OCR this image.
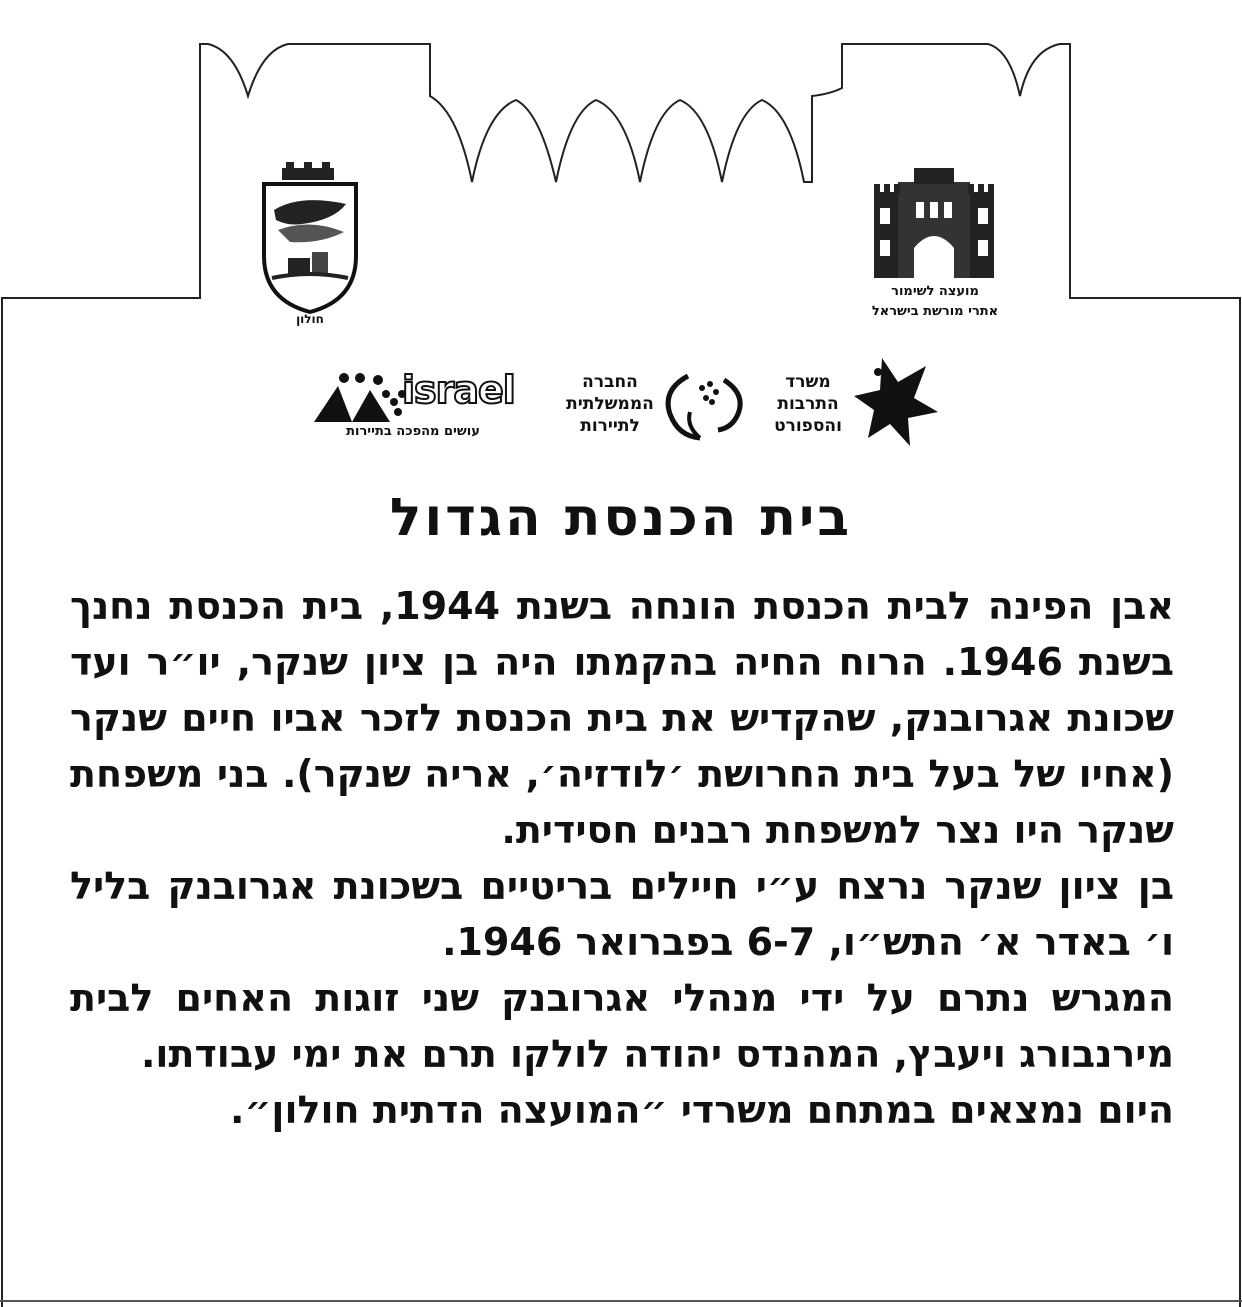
חולון
מועצה לשימור
אתרי מורשת בישראל
משרד
התרבות
והספורט
החברה
הממשלתית
לתיירות
israel
עושים מהפכה בתיירות
בית הכנסת הגדול

אבן הפינה לבית הכנסת הונחה בשנת 1944, בית הכנסת נחנך בשנת 1946. הרוח החיה בהקמתו היה בן ציון שנקר, יו״ר ועד שכונת אגרובנק, שהקדיש את בית הכנסת לזכר אביו חיים שנקר (אחיו של בעל בית החרושת ׳לודזיה׳, אריה שנקר). בני משפחת שנקר היו נצר למשפחת רבנים חסידית.

בן ציון שנקר נרצח ע״י חיילים בריטיים בשכונת אגרובנק בליל ו׳ באדר א׳ התש״ו, 6-7 בפברואר 1946.

המגרש נתרם על ידי מנהלי אגרובנק שני זוגות האחים לבית מירנבורג ויעבץ, המהנדס יהודה לולקו תרם את ימי עבודתו.

היום נמצאים במתחם משרדי ״המועצה הדתית חולון״.
